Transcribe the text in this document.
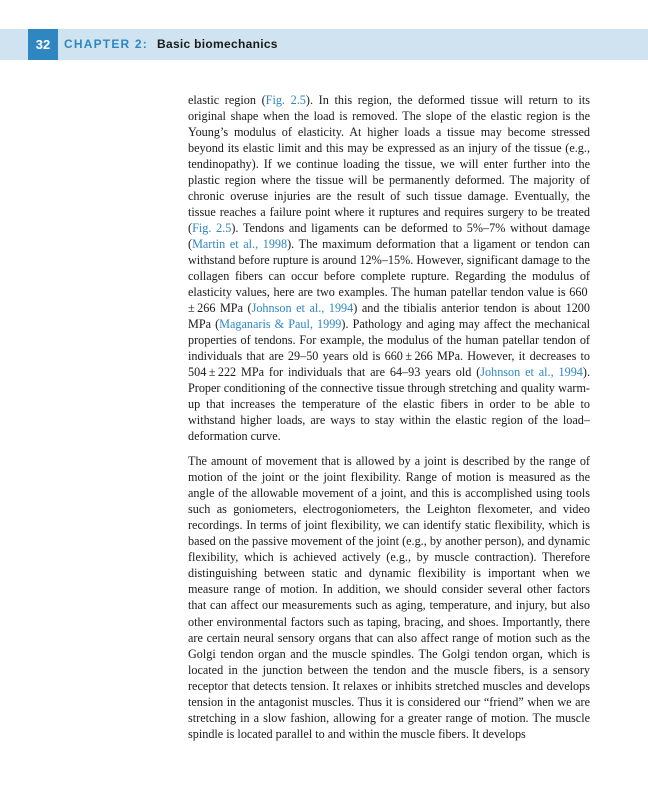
32	CHAPTER 2: Basic biomechanics

elastic region (Fig. 2.5). In this region, the deformed tissue will return to its original shape when the load is removed. The slope of the elastic region is the Young’s modulus of elasticity. At higher loads a tissue may become stressed beyond its elastic limit and this may be expressed as an injury of the tissue (e.g., tendinopathy). If we continue loading the tissue, we will enter further into the plastic region where the tissue will be permanently deformed. The majority of chronic overuse injuries are the result of such tissue damage. Eventually, the tissue reaches a failure point where it ruptures and requires surgery to be treated (Fig. 2.5). Tendons and ligaments can be deformed to 5%–7% without damage (Martin et al., 1998). The maximum deformation that a ligament or tendon can withstand before rupture is around 12%–15%. However, significant damage to the collagen fibers can occur before complete rupture. Regarding the modulus of elasticity values, here are two examples. The human patellar tendon value is 660 ± 266 MPa (Johnson et al., 1994) and the tibialis anterior tendon is about 1200 MPa (Maganaris & Paul, 1999). Pathology and aging may affect the mechanical properties of tendons. For example, the modulus of the human patellar tendon of individuals that are 29–50 years old is 660 ± 266 MPa. However, it decreases to 504 ± 222 MPa for individuals that are 64–93 years old (Johnson et al., 1994). Proper conditioning of the connective tissue through stretching and quality warm-up that increases the temperature of the elastic fibers in order to be able to withstand higher loads, are ways to stay within the elastic region of the load–deformation curve.

The amount of movement that is allowed by a joint is described by the range of motion of the joint or the joint flexibility. Range of motion is measured as the angle of the allowable movement of a joint, and this is accomplished using tools such as goniometers, electrogoniometers, the Leighton flexometer, and video recordings. In terms of joint flexibility, we can identify static flexibility, which is based on the passive movement of the joint (e.g., by another person), and dynamic flexibility, which is achieved actively (e.g., by muscle contraction). Therefore distinguishing between static and dynamic flexibility is important when we measure range of motion. In addition, we should consider several other factors that can affect our measurements such as aging, temperature, and injury, but also other environmental factors such as taping, bracing, and shoes. Importantly, there are certain neural sensory organs that can also affect range of motion such as the Golgi tendon organ and the muscle spindles. The Golgi tendon organ, which is located in the junction between the tendon and the muscle fibers, is a sensory receptor that detects tension. It relaxes or inhibits stretched muscles and develops tension in the antagonist muscles. Thus it is considered our “friend” when we are stretching in a slow fashion, allowing for a greater range of motion. The muscle spindle is located parallel to and within the muscle fibers. It develops
